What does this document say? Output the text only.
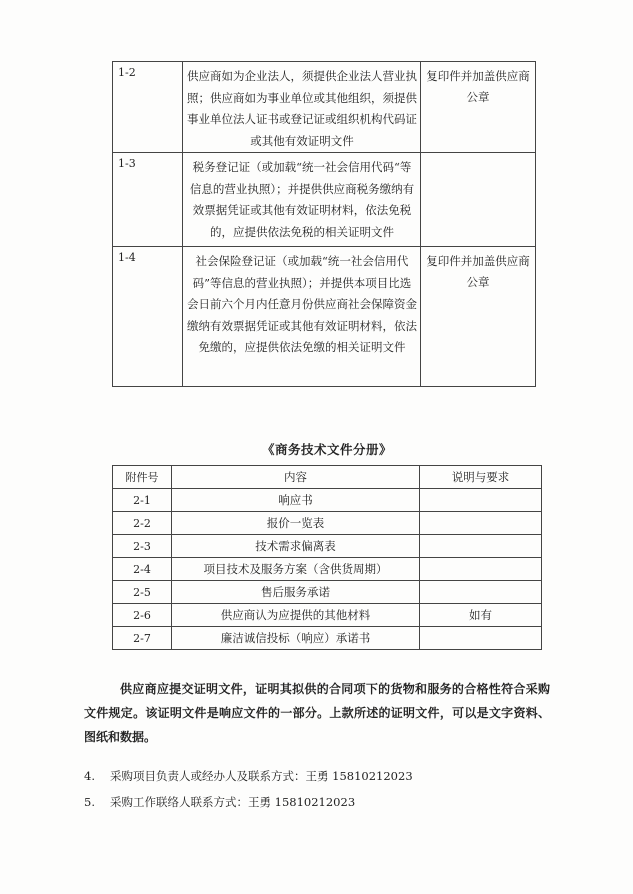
1-2	供应商如为企业法人，须提供企业法人营业执照；供应商如为事业单位或其他组织，须提供事业单位法人证书或登记证或组织机构代码证或其他有效证明文件	复印件并加盖供应商公章
1-3	税务登记证（或加载“统一社会信用代码“等信息的营业执照）；并提供供应商税务缴纳有效票据凭证或其他有效证明材料，依法免税的，应提供依法免税的相关证明文件	
1-4	社会保险登记证（或加载“统一社会信用代码”等信息的营业执照）；并提供本项目比选会日前六个月内任意月份供应商社会保障资金缴纳有效票据凭证或其他有效证明材料，依法免缴的，应提供依法免缴的相关证明文件	复印件并加盖供应商公章
《商务技术文件分册》
附件号	内容	说明与要求
2-1	响应书	
2-2	报价一览表	
2-3	技术需求偏离表	
2-4	项目技术及服务方案（含供货周期）	
2-5	售后服务承诺	
2-6	供应商认为应提供的其他材料	如有
2-7	廉洁诚信投标（响应）承诺书	
供应商应提交证明文件，证明其拟供的合同项下的货物和服务的合格性符合采购文件规定。该证明文件是响应文件的一部分。上款所述的证明文件，可以是文字资料、图纸和数据。
4. 采购项目负责人或经办人及联系方式：王勇 15810212023
5. 采购工作联络人联系方式：王勇 15810212023
